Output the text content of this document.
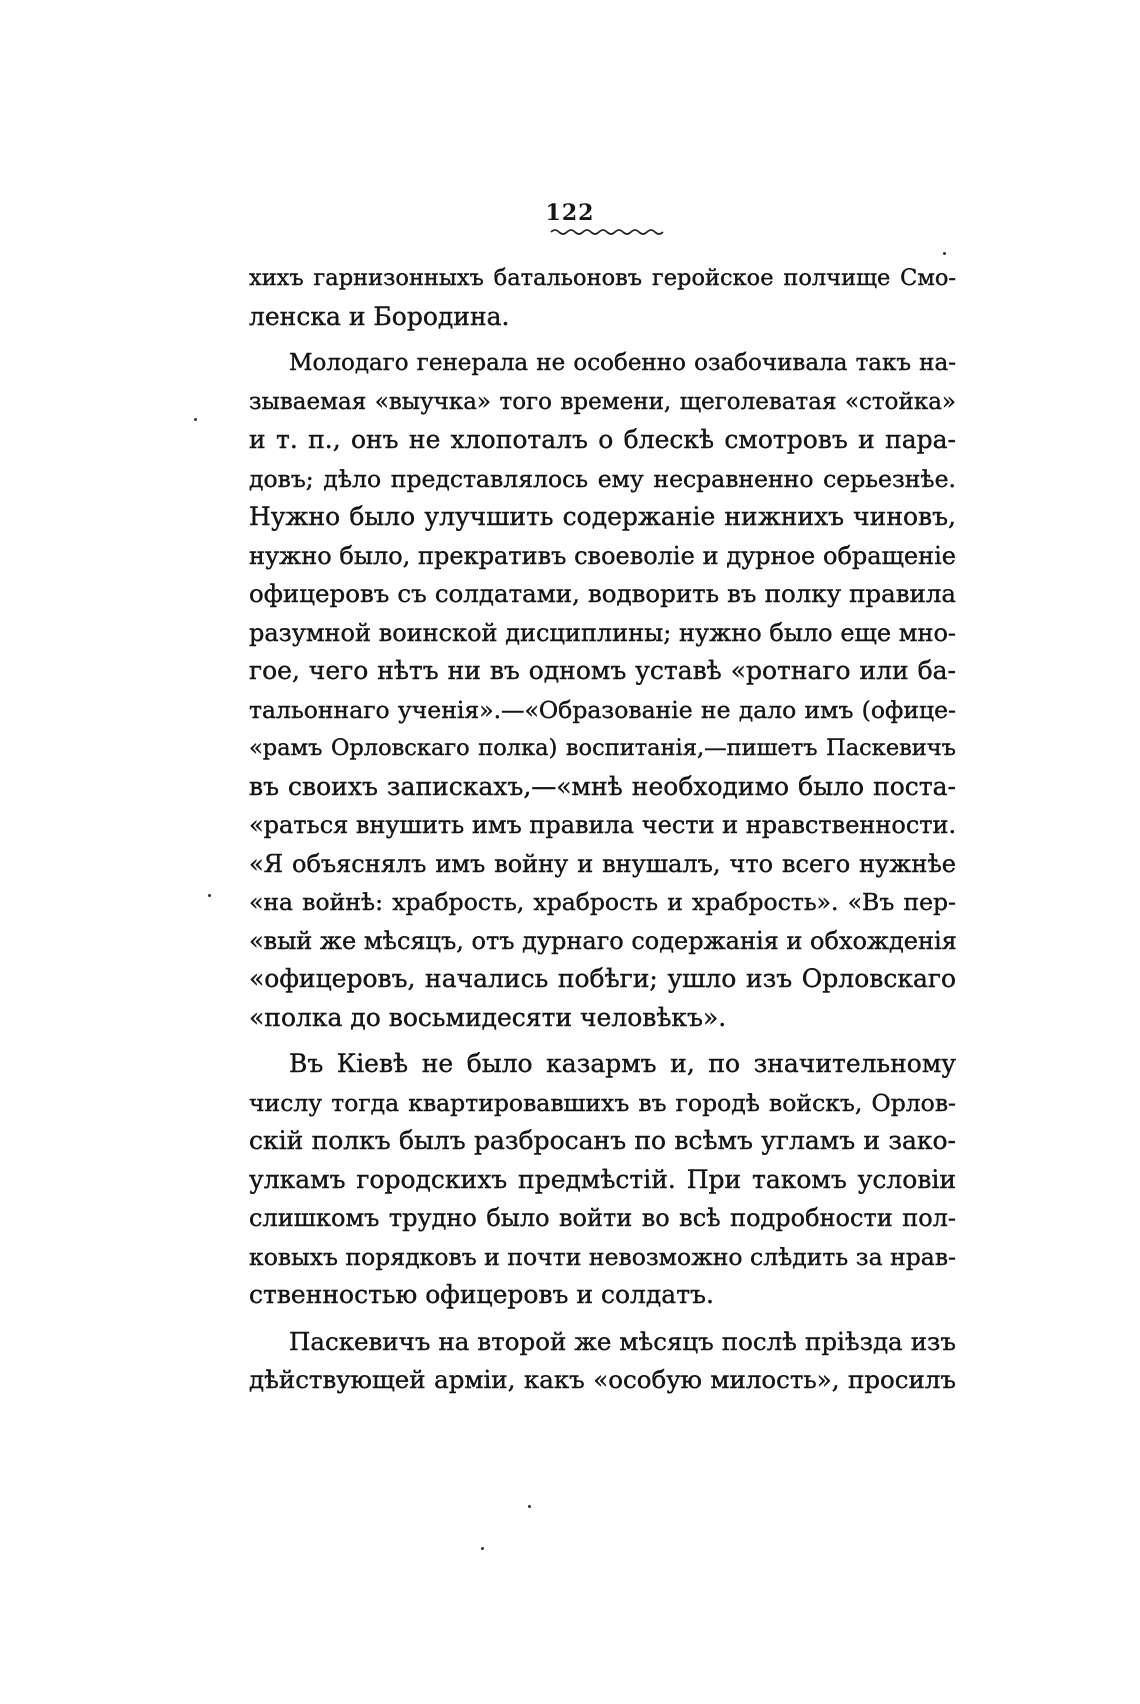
122
хихъ гарнизонныхъ батальоновъ геройское полчище Смо-
ленска и Бородина.
Молодаго генерала не особенно озабочивала такъ на-
зываемая «выучка» того времени, щеголеватая «стойка»
и т. п., онъ не хлопоталъ о блескѣ смотровъ и пара-
довъ; дѣло представлялось ему несравненно серьезнѣе.
Нужно было улучшить содержаніе нижнихъ чиновъ,
нужно было, прекративъ своеволіе и дурное обращеніе
офицеровъ съ солдатами, водворить въ полку правила
разумной воинской дисциплины; нужно было еще мно-
гое, чего нѣтъ ни въ одномъ уставѣ «ротнаго или ба-
тальоннаго ученія».—«Образованіе не дало имъ (офице-
«рамъ Орловскаго полка) воспитанія,—пишетъ Паскевичъ
въ своихъ запискахъ,—«мнѣ необходимо было поста-
«раться внушить имъ правила чести и нравственности.
«Я объяснялъ имъ войну и внушалъ, что всего нужнѣе
«на войнѣ: храбрость, храбрость и храбрость». «Въ пер-
«вый же мѣсяцъ, отъ дурнаго содержанія и обхожденія
«офицеровъ, начались побѣги; ушло изъ Орловскаго
«полка до восьмидесяти человѣкъ».
Въ Кіевѣ не было казармъ и, по значительному
числу тогда квартировавшихъ въ городѣ войскъ, Орлов-
скій полкъ былъ разбросанъ по всѣмъ угламъ и зако-
улкамъ городскихъ предмѣстій. При такомъ условіи
слишкомъ трудно было войти во всѣ подробности пол-
ковыхъ порядковъ и почти невозможно слѣдить за нрав-
ственностью офицеровъ и солдатъ.
Паскевичъ на второй же мѣсяцъ послѣ пріѣзда изъ
дѣйствующей арміи, какъ «особую милость», просилъ
